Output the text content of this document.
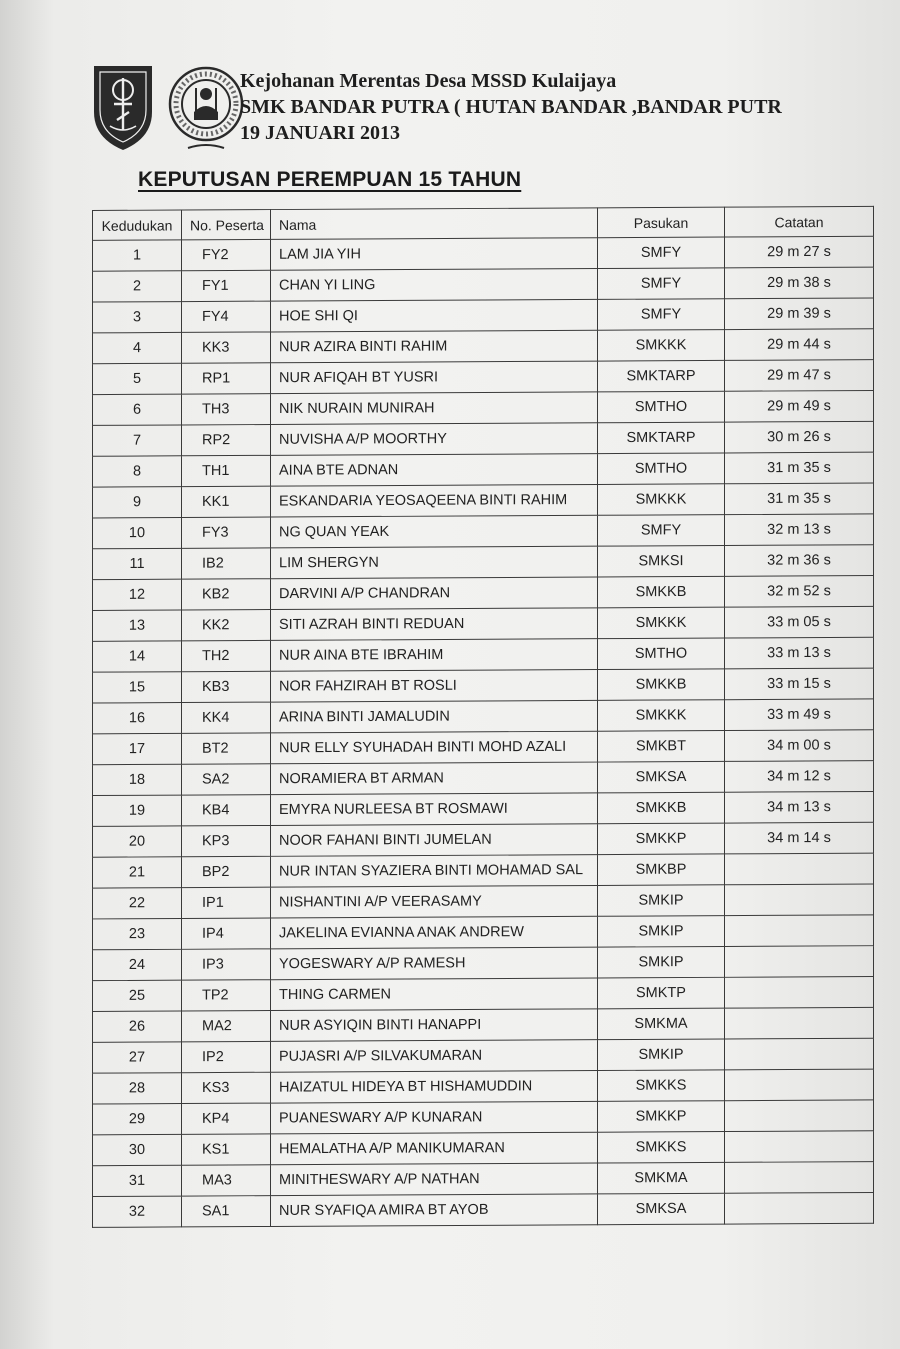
Kejohanan Merentas Desa MSSD Kulaijaya
SMK BANDAR PUTRA ( HUTAN BANDAR ,BANDAR PUTR
19 JANUARI 2013
KEPUTUSAN PEREMPUAN 15 TAHUN
Kedudukan	No. Peserta	Nama	Pasukan	Catatan
1	FY2	LAM JIA YIH	SMFY	29 m 27 s
2	FY1	CHAN YI LING	SMFY	29 m 38 s
3	FY4	HOE SHI QI	SMFY	29 m 39 s
4	KK3	NUR AZIRA BINTI RAHIM	SMKKK	29 m 44 s
5	RP1	NUR AFIQAH BT YUSRI	SMKTARP	29 m 47 s
6	TH3	NIK NURAIN MUNIRAH	SMTHO	29 m 49 s
7	RP2	NUVISHA A/P MOORTHY	SMKTARP	30 m 26 s
8	TH1	AINA BTE ADNAN	SMTHO	31 m 35 s
9	KK1	ESKANDARIA YEOSAQEENA BINTI RAHIM	SMKKK	31 m 35 s
10	FY3	NG QUAN YEAK	SMFY	32 m 13 s
11	IB2	LIM SHERGYN	SMKSI	32 m 36 s
12	KB2	DARVINI A/P CHANDRAN	SMKKB	32 m 52 s
13	KK2	SITI AZRAH BINTI REDUAN	SMKKK	33 m 05 s
14	TH2	NUR AINA BTE IBRAHIM	SMTHO	33 m 13 s
15	KB3	NOR FAHZIRAH BT ROSLI	SMKKB	33 m 15 s
16	KK4	ARINA BINTI JAMALUDIN	SMKKK	33 m 49 s
17	BT2	NUR ELLY SYUHADAH BINTI MOHD AZALI	SMKBT	34 m 00 s
18	SA2	NORAMIERA BT ARMAN	SMKSA	34 m 12 s
19	KB4	EMYRA NURLEESA BT ROSMAWI	SMKKB	34 m 13 s
20	KP3	NOOR FAHANI BINTI JUMELAN	SMKKP	34 m 14 s
21	BP2	NUR INTAN SYAZIERA BINTI MOHAMAD SAL	SMKBP	
22	IP1	NISHANTINI A/P VEERASAMY	SMKIP	
23	IP4	JAKELINA EVIANNA ANAK ANDREW	SMKIP	
24	IP3	YOGESWARY A/P RAMESH	SMKIP	
25	TP2	THING CARMEN	SMKTP	
26	MA2	NUR ASYIQIN BINTI HANAPPI	SMKMA	
27	IP2	PUJASRI A/P SILVAKUMARAN	SMKIP	
28	KS3	HAIZATUL HIDEYA BT HISHAMUDDIN	SMKKS	
29	KP4	PUANESWARY A/P KUNARAN	SMKKP	
30	KS1	HEMALATHA A/P MANIKUMARAN	SMKKS	
31	MA3	MINITHESWARY A/P NATHAN	SMKMA	
32	SA1	NUR SYAFIQA AMIRA BT AYOB	SMKSA	
